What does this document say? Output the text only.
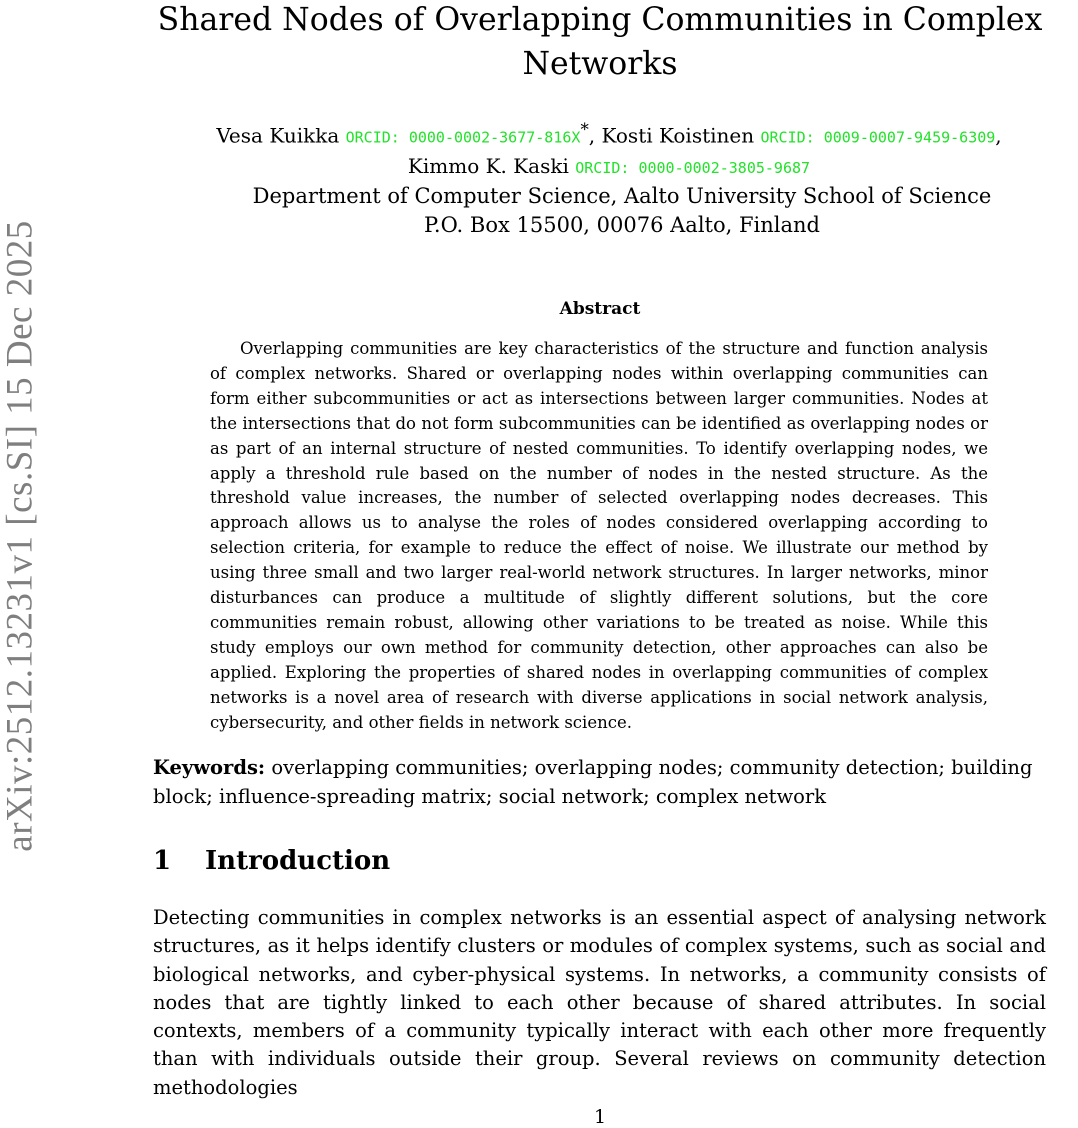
arXiv:2512.13231v1 [cs.SI] 15 Dec 2025
Shared Nodes of Overlapping Communities in Complex Networks
Vesa Kuikka ORCID: 0000-0002-3677-816X*, Kosti Koistinen ORCID: 0009-0007-9459-6309,
Kimmo K. Kaski ORCID: 0000-0002-3805-9687
Department of Computer Science, Aalto University School of Science
P.O. Box 15500, 00076 Aalto, Finland
Abstract

Overlapping communities are key characteristics of the structure and function analysis of complex networks. Shared or overlapping nodes within overlapping communities can form either subcommunities or act as intersections between larger communities. Nodes at the intersections that do not form subcommunities can be identified as overlapping nodes or as part of an internal structure of nested communities. To identify overlapping nodes, we apply a threshold rule based on the number of nodes in the nested structure. As the threshold value increases, the number of selected overlapping nodes decreases. This approach allows us to analyse the roles of nodes considered overlapping according to selection criteria, for example to reduce the effect of noise. We illustrate our method by using three small and two larger real-world network structures. In larger networks, minor disturbances can produce a multitude of slightly different solutions, but the core communities remain robust, allowing other variations to be treated as noise. While this study employs our own method for community detection, other approaches can also be applied. Exploring the properties of shared nodes in overlapping communities of complex networks is a novel area of research with diverse applications in social network analysis, cybersecurity, and other fields in network science.

Keywords: overlapping communities; overlapping nodes; community detection; building block; influence-spreading matrix; social network; complex network

1 Introduction

Detecting communities in complex networks is an essential aspect of analysing network structures, as it helps identify clusters or modules of complex systems, such as social and biological networks, and cyber-physical systems. In networks, a community consists of nodes that are tightly linked to each other because of shared attributes. In social contexts, members of a community typically interact with each other more frequently than with individuals outside their group. Several reviews on community detection methodologies

1
